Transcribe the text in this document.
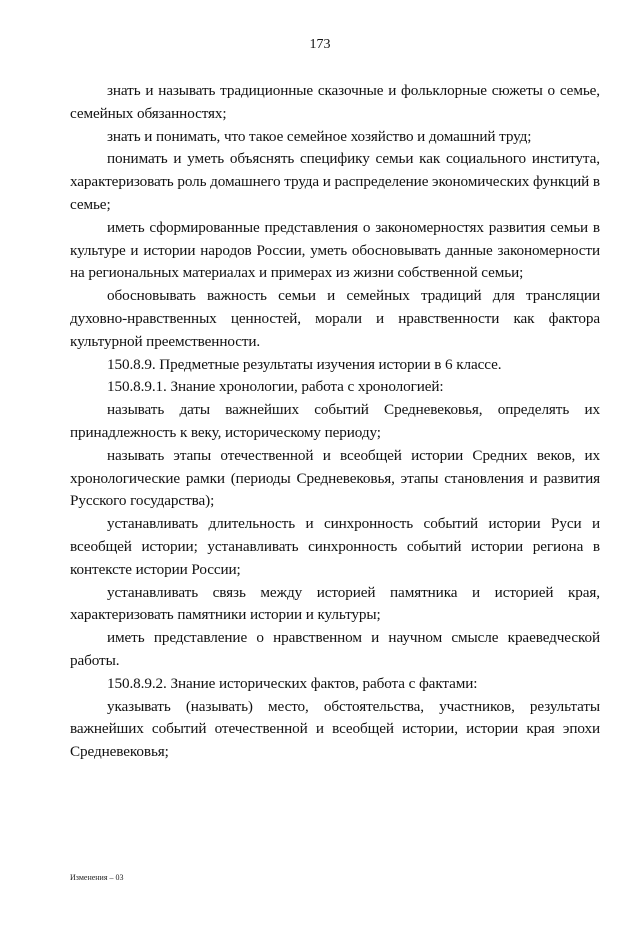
173

знать и называть традиционные сказочные и фольклорные сюжеты о семье, семейных обязанностях;

знать и понимать, что такое семейное хозяйство и домашний труд;

понимать и уметь объяснять специфику семьи как социального института, характеризовать роль домашнего труда и распределение экономических функций в семье;

иметь сформированные представления о закономерностях развития семьи в культуре и истории народов России, уметь обосновывать данные закономерности на региональных материалах и примерах из жизни собственной семьи;

обосновывать важность семьи и семейных традиций для трансляции духовно-нравственных ценностей, морали и нравственности как фактора культурной преемственности.

150.8.9. Предметные результаты изучения истории в 6 классе.

150.8.9.1. Знание хронологии, работа с хронологией:

называть даты важнейших событий Средневековья, определять их принадлежность к веку, историческому периоду;

называть этапы отечественной и всеобщей истории Средних веков, их хронологические рамки (периоды Средневековья, этапы становления и развития Русского государства);

устанавливать длительность и синхронность событий истории Руси и всеобщей истории; устанавливать синхронность событий истории региона в контексте истории России;

устанавливать связь между историей памятника и историей края, характеризовать памятники истории и культуры;

иметь представление о нравственном и научном смысле краеведческой работы.

150.8.9.2. Знание исторических фактов, работа с фактами:

указывать (называть) место, обстоятельства, участников, результаты важнейших событий отечественной и всеобщей истории, истории края эпохи Средневековья;

Изменения – 03
